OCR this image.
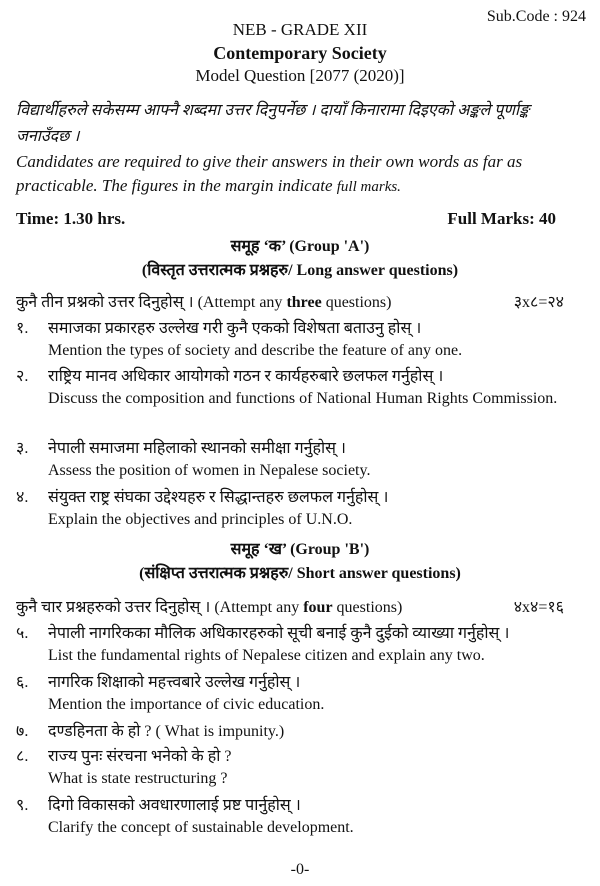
Sub.Code : 924
NEB - GRADE XII
Contemporary Society
Model Question [2077 (2020)]
विद्यार्थीहरुले सकेसम्म आफ्नै शब्दमा उत्तर दिनुपर्नेछ । दायाँ किनारामा दिइएको अङ्कले पूर्णाङ्क जनाउँदछ ।
Candidates are required to give their answers in their own words as far as practicable. The figures in the margin indicate full marks.
Time: 1.30 hrs.	Full Marks: 40
समूह ‘क’ (Group 'A')
(विस्तृत उत्तरात्मक प्रश्नहरु/ Long answer questions)
कुनै तीन प्रश्नको उत्तर दिनुहोस् । (Attempt any three questions)	३x८=२४
१.	समाजका प्रकारहरु उल्लेख गरी कुनै एकको विशेषता बताउनु होस् ।
Mention the types of society and describe the feature of any one.
२.	राष्ट्रिय मानव अधिकार आयोगको गठन र कार्यहरुबारे छलफल गर्नुहोस् ।
Discuss the composition and functions of National Human Rights Commission.
३.	नेपाली समाजमा महिलाको स्थानको समीक्षा गर्नुहोस् ।
Assess the position of women in Nepalese society.
४.	संयुक्त राष्ट्र संघका उद्देश्यहरु र सिद्धान्तहरु छलफल गर्नुहोस् ।
Explain the objectives and principles of U.N.O.
समूह ‘ख’ (Group 'B')
(संक्षिप्त उत्तरात्मक प्रश्नहरु/ Short answer questions)
कुनै चार प्रश्नहरुको उत्तर दिनुहोस् । (Attempt any four questions)	४x४=१६
५.	नेपाली नागरिकका मौलिक अधिकारहरुको सूची बनाई कुनै दुईको व्याख्या गर्नुहोस् ।
List the fundamental rights of Nepalese citizen and explain any two.
६.	नागरिक शिक्षाको महत्त्वबारे उल्लेख गर्नुहोस् ।
Mention the importance of civic education.
७.	दण्डहिनता के हो ? ( What is impunity.)
८.	राज्य पुनः संरचना भनेको के हो ?
What is state restructuring ?
९.	दिगो विकासको अवधारणालाई प्रष्ट पार्नुहोस् ।
Clarify the concept of sustainable development.
-0-
